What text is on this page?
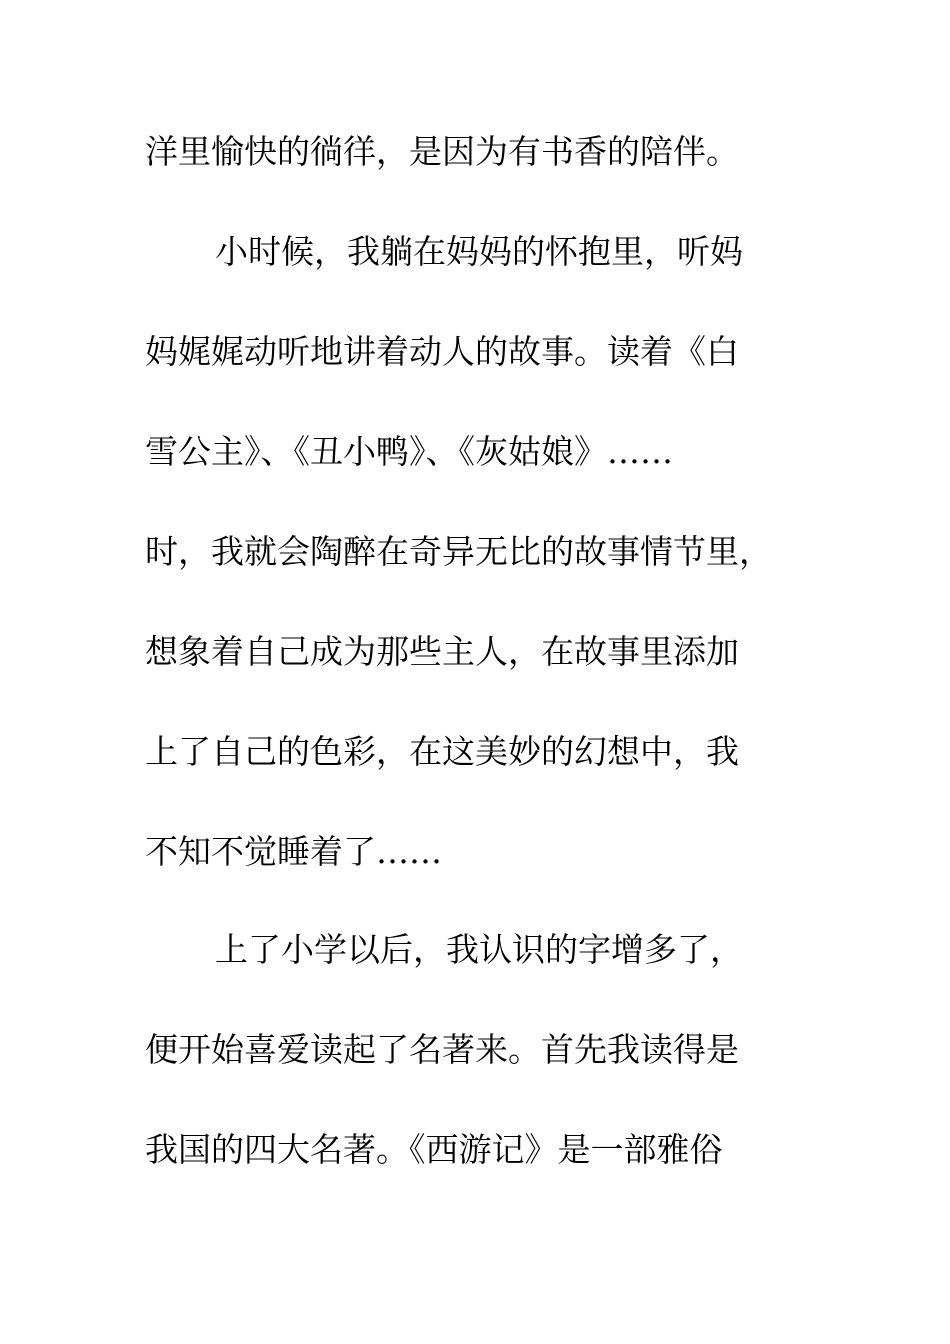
洋里愉快的徜徉，是因为有书香的陪伴。
小时候，我躺在妈妈的怀抱里，听妈
妈娓娓动听地讲着动人的故事。读着《白
雪公主》、《丑小鸭》、《灰姑娘》……
时，我就会陶醉在奇异无比的故事情节里，
想象着自己成为那些主人，在故事里添加
上了自己的色彩，在这美妙的幻想中，我
不知不觉睡着了……
上了小学以后，我认识的字增多了，
便开始喜爱读起了名著来。首先我读得是
我国的四大名著。《西游记》是一部雅俗
